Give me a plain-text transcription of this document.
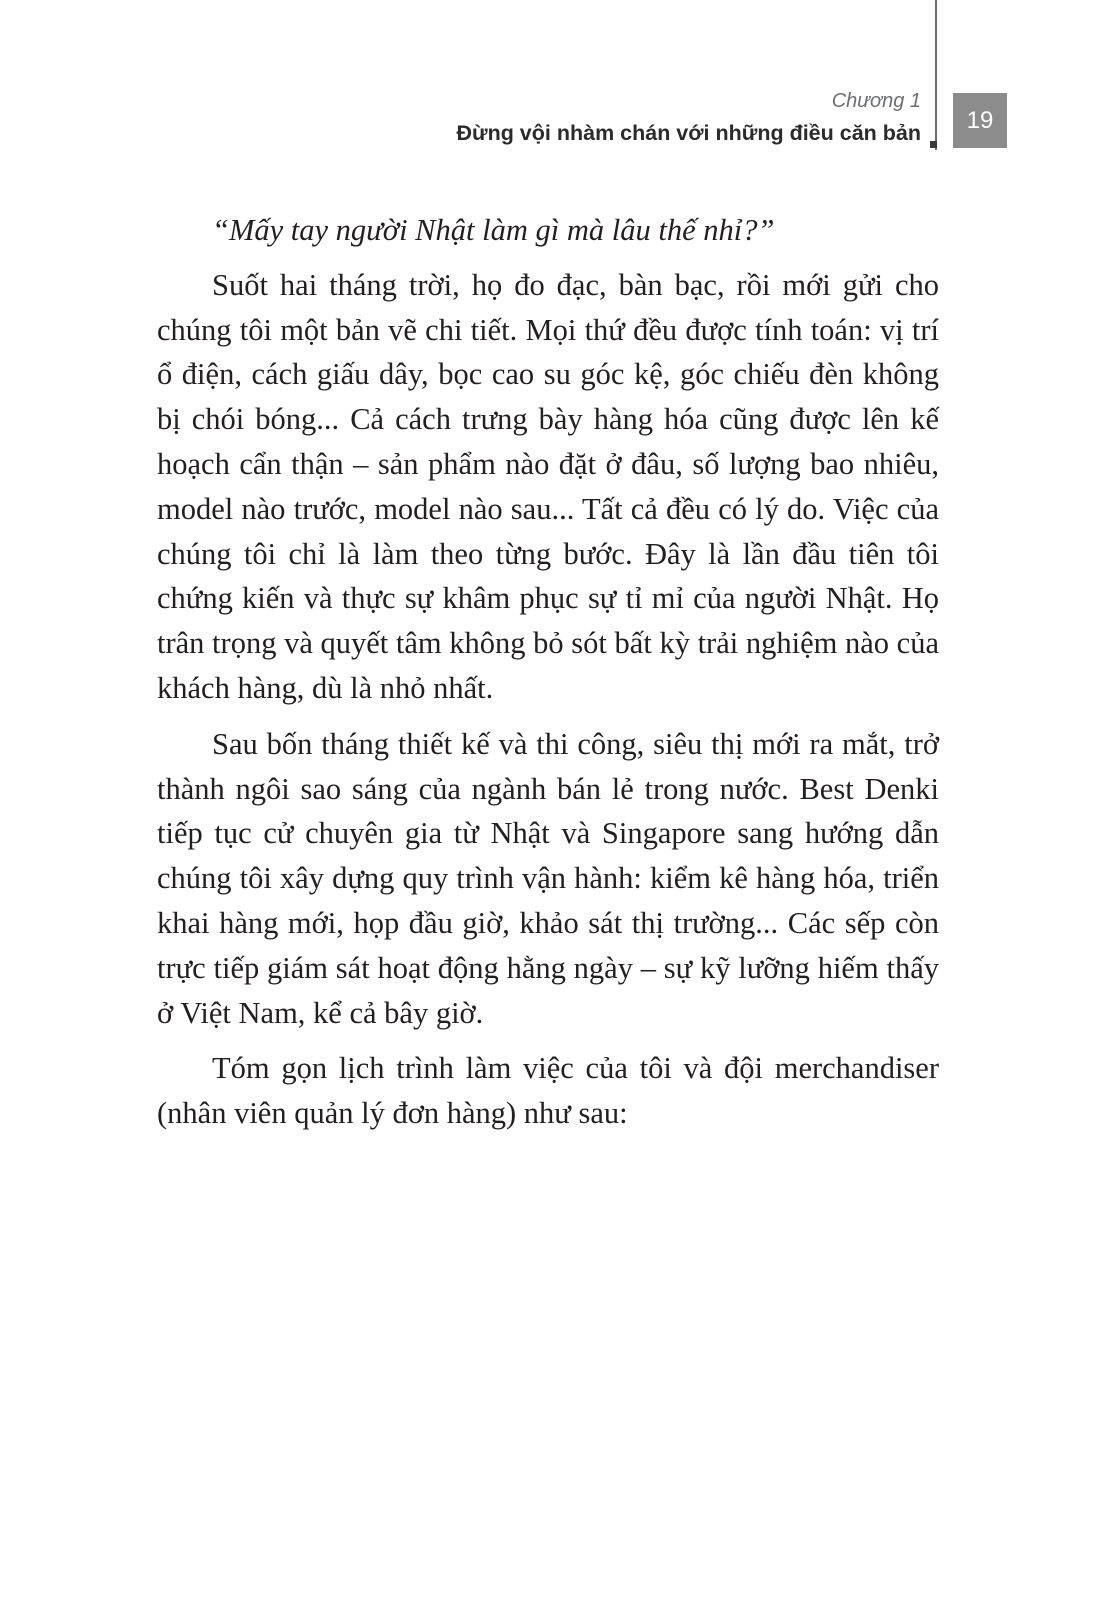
Chương 1
Đừng vội nhàm chán với những điều căn bản	19

“Mấy tay người Nhật làm gì mà lâu thế nhỉ?”

Suốt hai tháng trời, họ đo đạc, bàn bạc, rồi mới gửi cho chúng tôi một bản vẽ chi tiết. Mọi thứ đều được tính toán: vị trí ổ điện, cách giấu dây, bọc cao su góc kệ, góc chiếu đèn không bị chói bóng... Cả cách trưng bày hàng hóa cũng được lên kế hoạch cẩn thận – sản phẩm nào đặt ở đâu, số lượng bao nhiêu, model nào trước, model nào sau... Tất cả đều có lý do. Việc của chúng tôi chỉ là làm theo từng bước. Đây là lần đầu tiên tôi chứng kiến và thực sự khâm phục sự tỉ mỉ của người Nhật. Họ trân trọng và quyết tâm không bỏ sót bất kỳ trải nghiệm nào của khách hàng, dù là nhỏ nhất.

Sau bốn tháng thiết kế và thi công, siêu thị mới ra mắt, trở thành ngôi sao sáng của ngành bán lẻ trong nước. Best Denki tiếp tục cử chuyên gia từ Nhật và Singapore sang hướng dẫn chúng tôi xây dựng quy trình vận hành: kiểm kê hàng hóa, triển khai hàng mới, họp đầu giờ, khảo sát thị trường... Các sếp còn trực tiếp giám sát hoạt động hằng ngày – sự kỹ lưỡng hiếm thấy ở Việt Nam, kể cả bây giờ.

Tóm gọn lịch trình làm việc của tôi và đội merchandiser (nhân viên quản lý đơn hàng) như sau:
